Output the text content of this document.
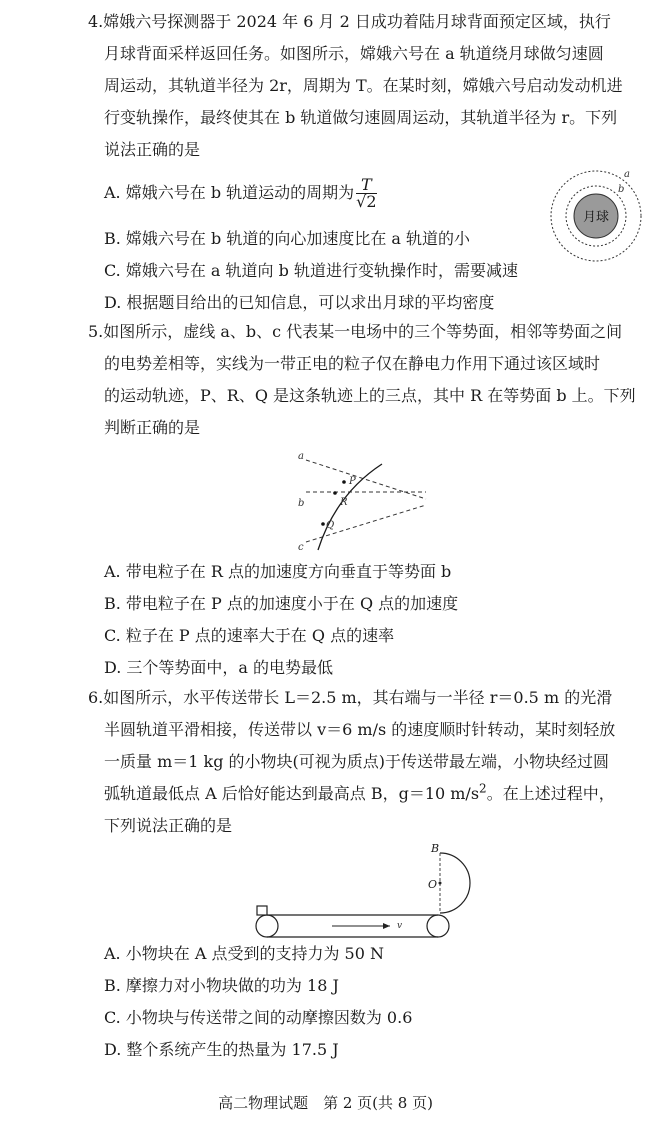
4.嫦娥六号探测器于 2024 年 6 月 2 日成功着陆月球背面预定区域，执行
月球背面采样返回任务。如图所示，嫦娥六号在 a 轨道绕月球做匀速圆
周运动，其轨道半径为 2r，周期为 T。在某时刻，嫦娥六号启动发动机进
行变轨操作，最终使其在 b 轨道做匀速圆周运动，其轨道半径为 r。下列
说法正确的是
A. 嫦娥六号在 b 轨道运动的周期为 $\frac{T}{√2}$
B. 嫦娥六号在 b 轨道的向心加速度比在 a 轨道的小
C. 嫦娥六号在 a 轨道向 b 轨道进行变轨操作时，需要减速
D. 根据题目给出的已知信息，可以求出月球的平均密度
月球
a
b
5.如图所示，虚线 a、b、c 代表某一电场中的三个等势面，相邻等势面之间
的电势差相等，实线为一带正电的粒子仅在静电力作用下通过该区域时
的运动轨迹，P、R、Q 是这条轨迹上的三点，其中 R 在等势面 b 上。下列
判断正确的是
a
b
c
P
R
Q
A. 带电粒子在 R 点的加速度方向垂直于等势面 b
B. 带电粒子在 P 点的加速度小于在 Q 点的加速度
C. 粒子在 P 点的速率大于在 Q 点的速率
D. 三个等势面中，a 的电势最低
6.如图所示，水平传送带长 L＝2.5 m，其右端与一半径 r＝0.5 m 的光滑
半圆轨道平滑相接，传送带以 v＝6 m/s 的速度顺时针转动，某时刻轻放
一质量 m＝1 kg 的小物块(可视为质点)于传送带最左端，小物块经过圆
弧轨道最低点 A 后恰好能达到最高点 B，g＝10 $m/s^2$。在上述过程中，
下列说法正确的是
v
B
O
A. 小物块在 A 点受到的支持力为 50 N
B. 摩擦力对小物块做的功为 18 J
C. 小物块与传送带之间的动摩擦因数为 0.6
D. 整个系统产生的热量为 17.5 J
高二物理试题　第 2 页(共 8 页)
